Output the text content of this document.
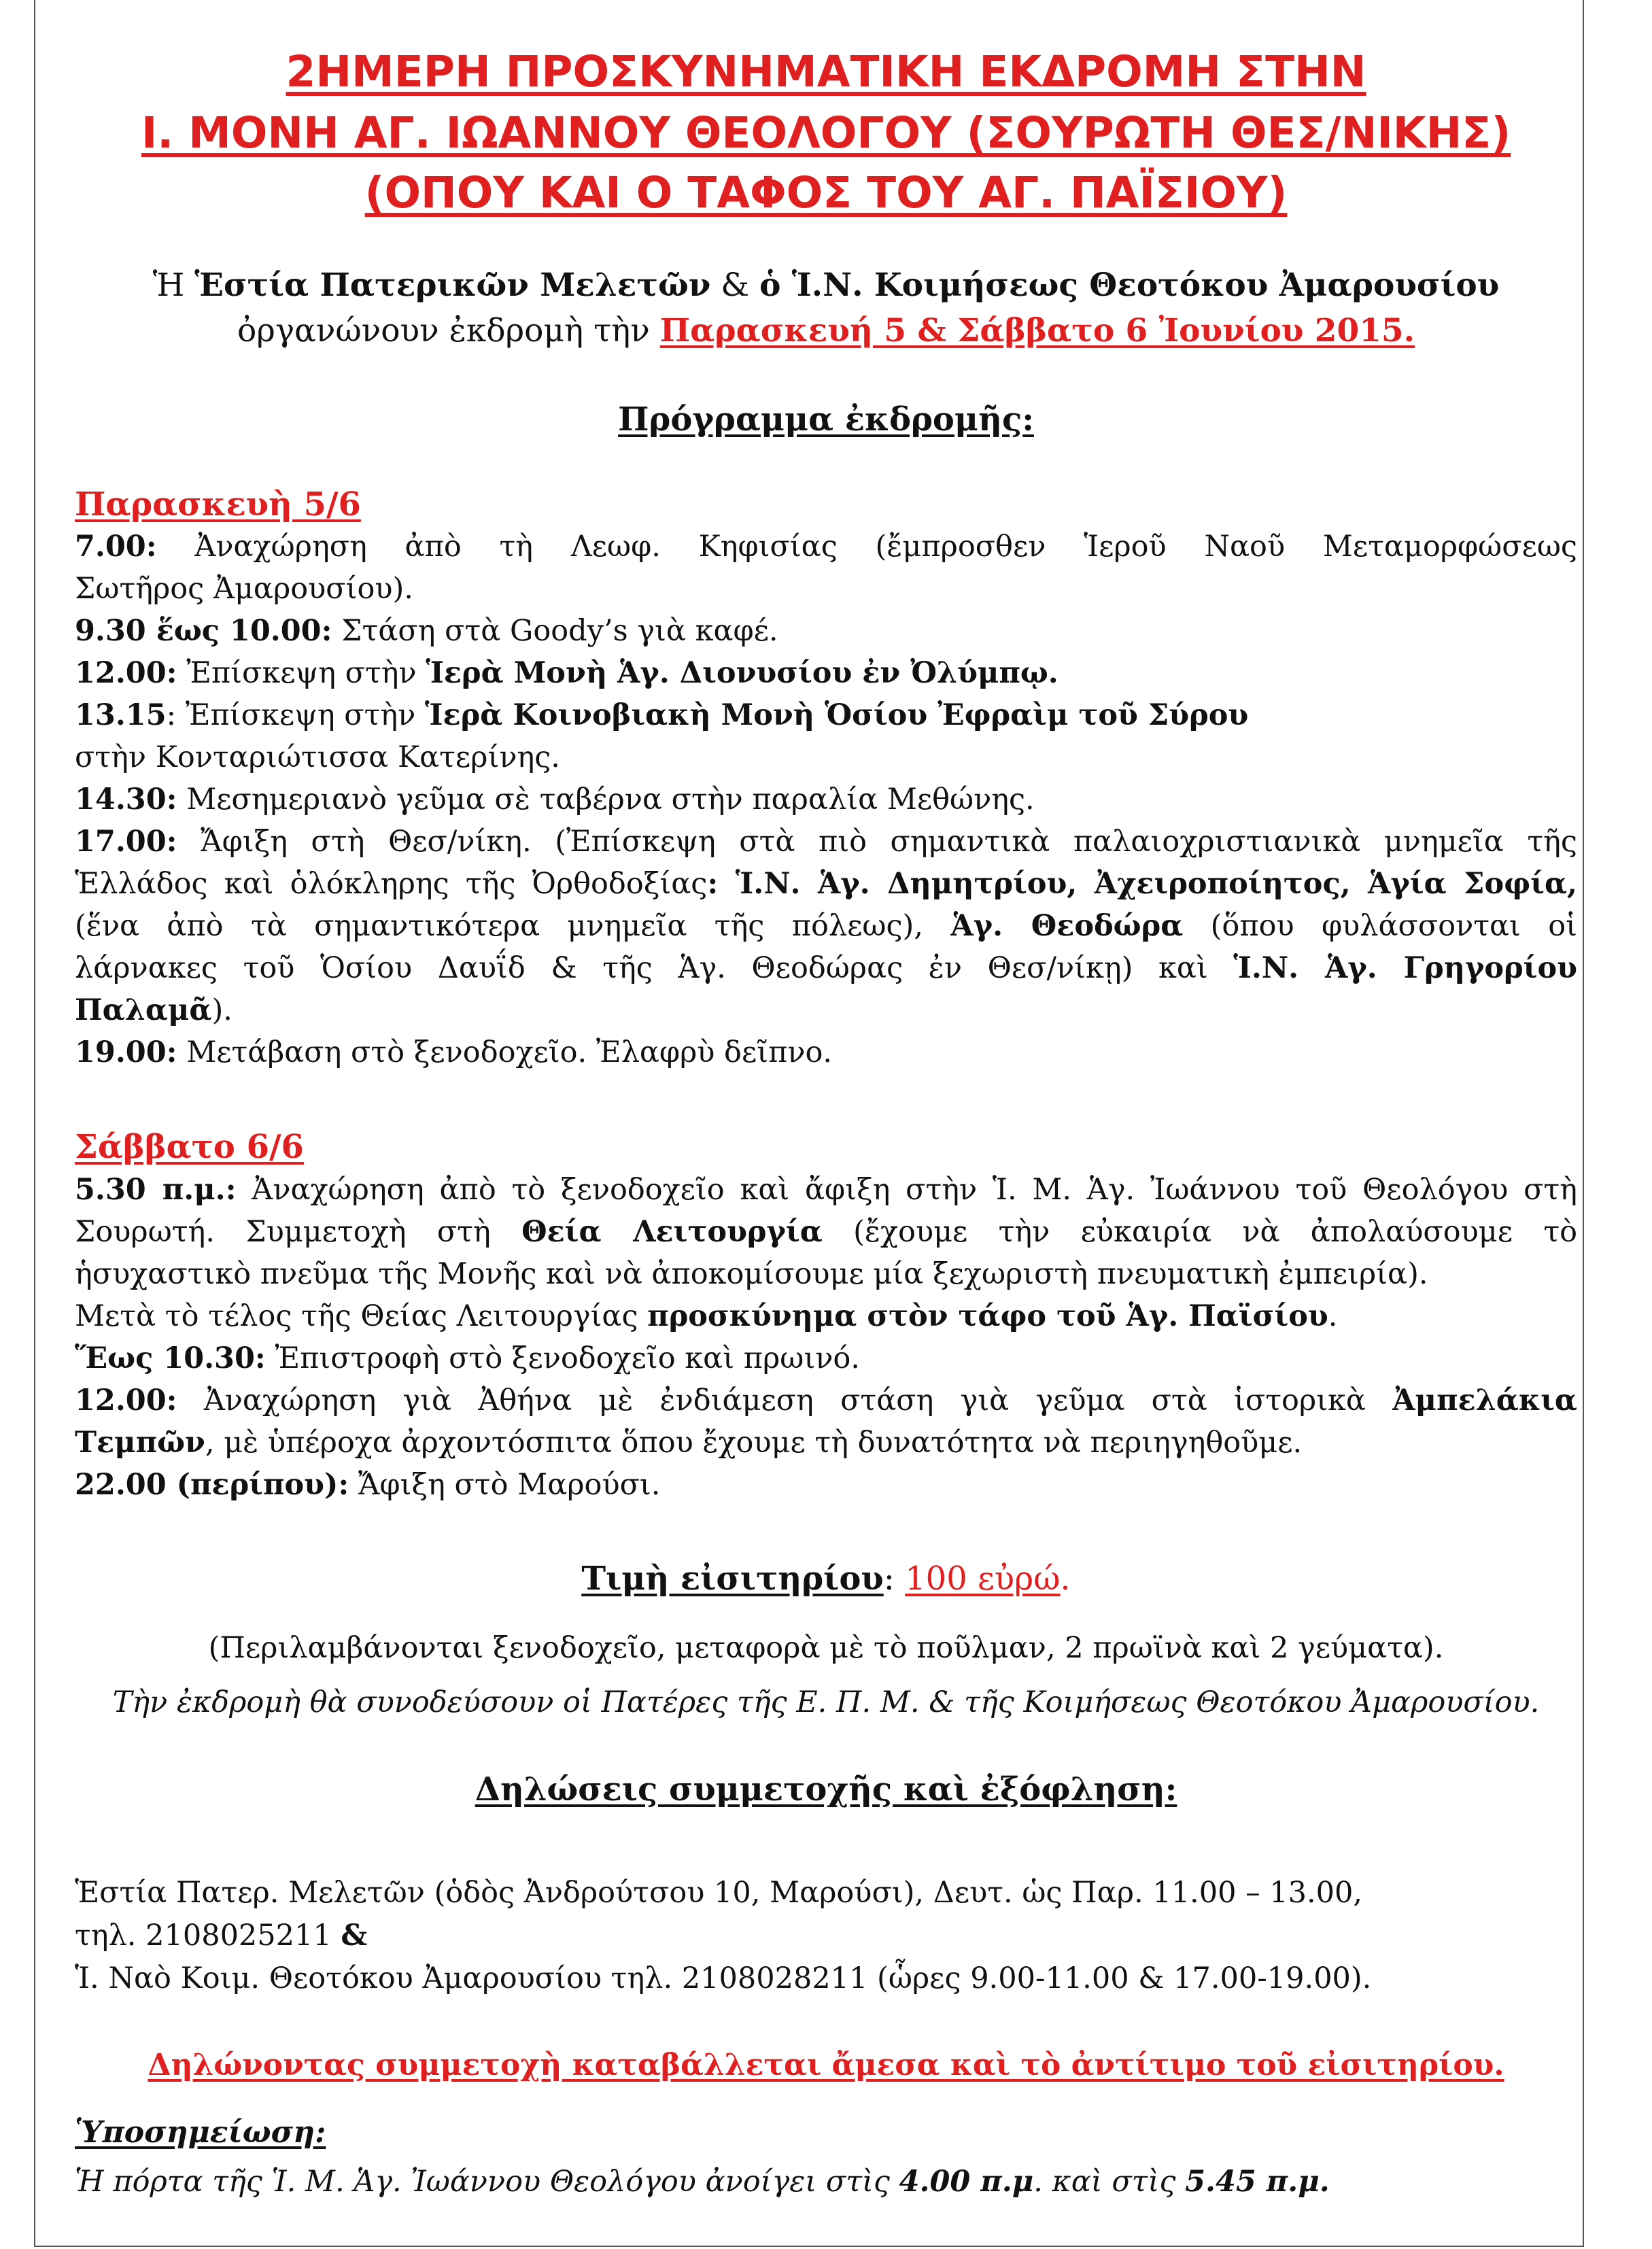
2ΗΜΕΡΗ ΠΡΟΣΚΥΝΗΜΑΤΙΚΗ ΕΚΔΡΟΜΗ ΣΤΗΝ
Ι. ΜΟΝΗ ΑΓ. ΙΩΑΝΝΟΥ ΘΕΟΛΟΓΟΥ (ΣΟΥΡΩΤΗ ΘΕΣ/ΝΙΚΗΣ)
(ΟΠΟΥ ΚΑΙ Ο ΤΑΦΟΣ ΤΟΥ ΑΓ. ΠΑΪΣΙΟΥ)
Ἡ Ἑστία Πατερικῶν Μελετῶν & ὁ Ἱ.Ν. Κοιμήσεως Θεοτόκου Ἀμαρουσίου
ὀργανώνουν ἐκδρομὴ τὴν Παρασκευή 5 & Σάββατο 6 Ἰουνίου 2015.
Πρόγραμμα ἐκδρομῆς:
Παρασκευὴ 5/6
7.00: Ἀναχώρηση ἀπὸ τὴ Λεωφ. Κηφισίας (ἔμπροσθεν Ἱεροῦ Ναοῦ Μεταμορφώσεως
Σωτῆρος Ἀμαρουσίου).
9.30 ἕως 10.00: Στάση στὰ Goody’s γιὰ καφέ.
12.00: Ἐπίσκεψη στὴν Ἱερὰ Μονὴ Ἁγ. Διονυσίου ἐν Ὀλύμπῳ.
13.15: Ἐπίσκεψη στὴν Ἱερὰ Κοινοβιακὴ Μονὴ Ὁσίου Ἐφραὶμ τοῦ Σύρου
στὴν Κονταριώτισσα Κατερίνης.
14.30: Μεσημεριανὸ γεῦμα σὲ ταβέρνα στὴν παραλία Μεθώνης.
17.00: Ἄφιξη στὴ Θεσ/νίκη. (Ἐπίσκεψη στὰ πιὸ σημαντικὰ παλαιοχριστιανικὰ μνημεῖα τῆς
Ἑλλάδος καὶ ὁλόκληρης τῆς Ὀρθοδοξίας: Ἱ.Ν. Ἁγ. Δημητρίου, Ἀχειροποίητος, Ἁγία Σοφία,
(ἕνα ἀπὸ τὰ σημαντικότερα μνημεῖα τῆς πόλεως), Ἁγ. Θεοδώρα (ὅπου φυλάσσονται οἱ
λάρνακες τοῦ Ὁσίου Δαυΐδ & τῆς Ἁγ. Θεοδώρας ἐν Θεσ/νίκῃ) καὶ Ἱ.Ν. Ἁγ. Γρηγορίου
Παλαμᾶ).
19.00: Μετάβαση στὸ ξενοδοχεῖο. Ἐλαφρὺ δεῖπνο.
Σάββατο 6/6
5.30 π.μ.: Ἀναχώρηση ἀπὸ τὸ ξενοδοχεῖο καὶ ἄφιξη στὴν Ἱ. Μ. Ἁγ. Ἰωάννου τοῦ Θεολόγου στὴ
Σουρωτή. Συμμετοχὴ στὴ Θεία Λειτουργία (ἔχουμε τὴν εὐκαιρία νὰ ἀπολαύσουμε τὸ
ἡσυχαστικὸ πνεῦμα τῆς Μονῆς καὶ νὰ ἀποκομίσουμε μία ξεχωριστὴ πνευματικὴ ἐμπειρία).
Μετὰ τὸ τέλος τῆς Θείας Λειτουργίας προσκύνημα στὸν τάφο τοῦ Ἁγ. Παϊσίου.
Ἕως 10.30: Ἐπιστροφὴ στὸ ξενοδοχεῖο καὶ πρωινό.
12.00: Ἀναχώρηση γιὰ Ἀθήνα μὲ ἐνδιάμεση στάση γιὰ γεῦμα στὰ ἱστορικὰ Ἀμπελάκια
Τεμπῶν, μὲ ὑπέροχα ἀρχοντόσπιτα ὅπου ἔχουμε τὴ δυνατότητα νὰ περιηγηθοῦμε.
22.00 (περίπου): Ἄφιξη στὸ Μαρούσι.
Τιμὴ εἰσιτηρίου: 100 εὐρώ.
(Περιλαμβάνονται ξενοδοχεῖο, μεταφορὰ μὲ τὸ ποῦλμαν, 2 πρωϊνὰ καὶ 2 γεύματα).
Τὴν ἐκδρομὴ θὰ συνοδεύσουν οἱ Πατέρες τῆς Ε. Π. Μ. & τῆς Κοιμήσεως Θεοτόκου Ἀμαρουσίου.
Δηλώσεις συμμετοχῆς καὶ ἐξόφληση:
Ἑστία Πατερ. Μελετῶν (ὁδὸς Ἀνδρούτσου 10, Μαρούσι), Δευτ. ὡς Παρ. 11.00 – 13.00,
τηλ. 2108025211 &
Ἱ. Ναὸ Κοιμ. Θεοτόκου Ἀμαρουσίου τηλ. 2108028211 (ὧρες 9.00-11.00 & 17.00-19.00).
Δηλώνοντας συμμετοχὴ καταβάλλεται ἄμεσα καὶ τὸ ἀντίτιμο τοῦ εἰσιτηρίου.
Ὑποσημείωση:
Ἡ πόρτα τῆς Ἱ. Μ. Ἁγ. Ἰωάννου Θεολόγου ἀνοίγει στὶς 4.00 π.μ. καὶ στὶς 5.45 π.μ.
